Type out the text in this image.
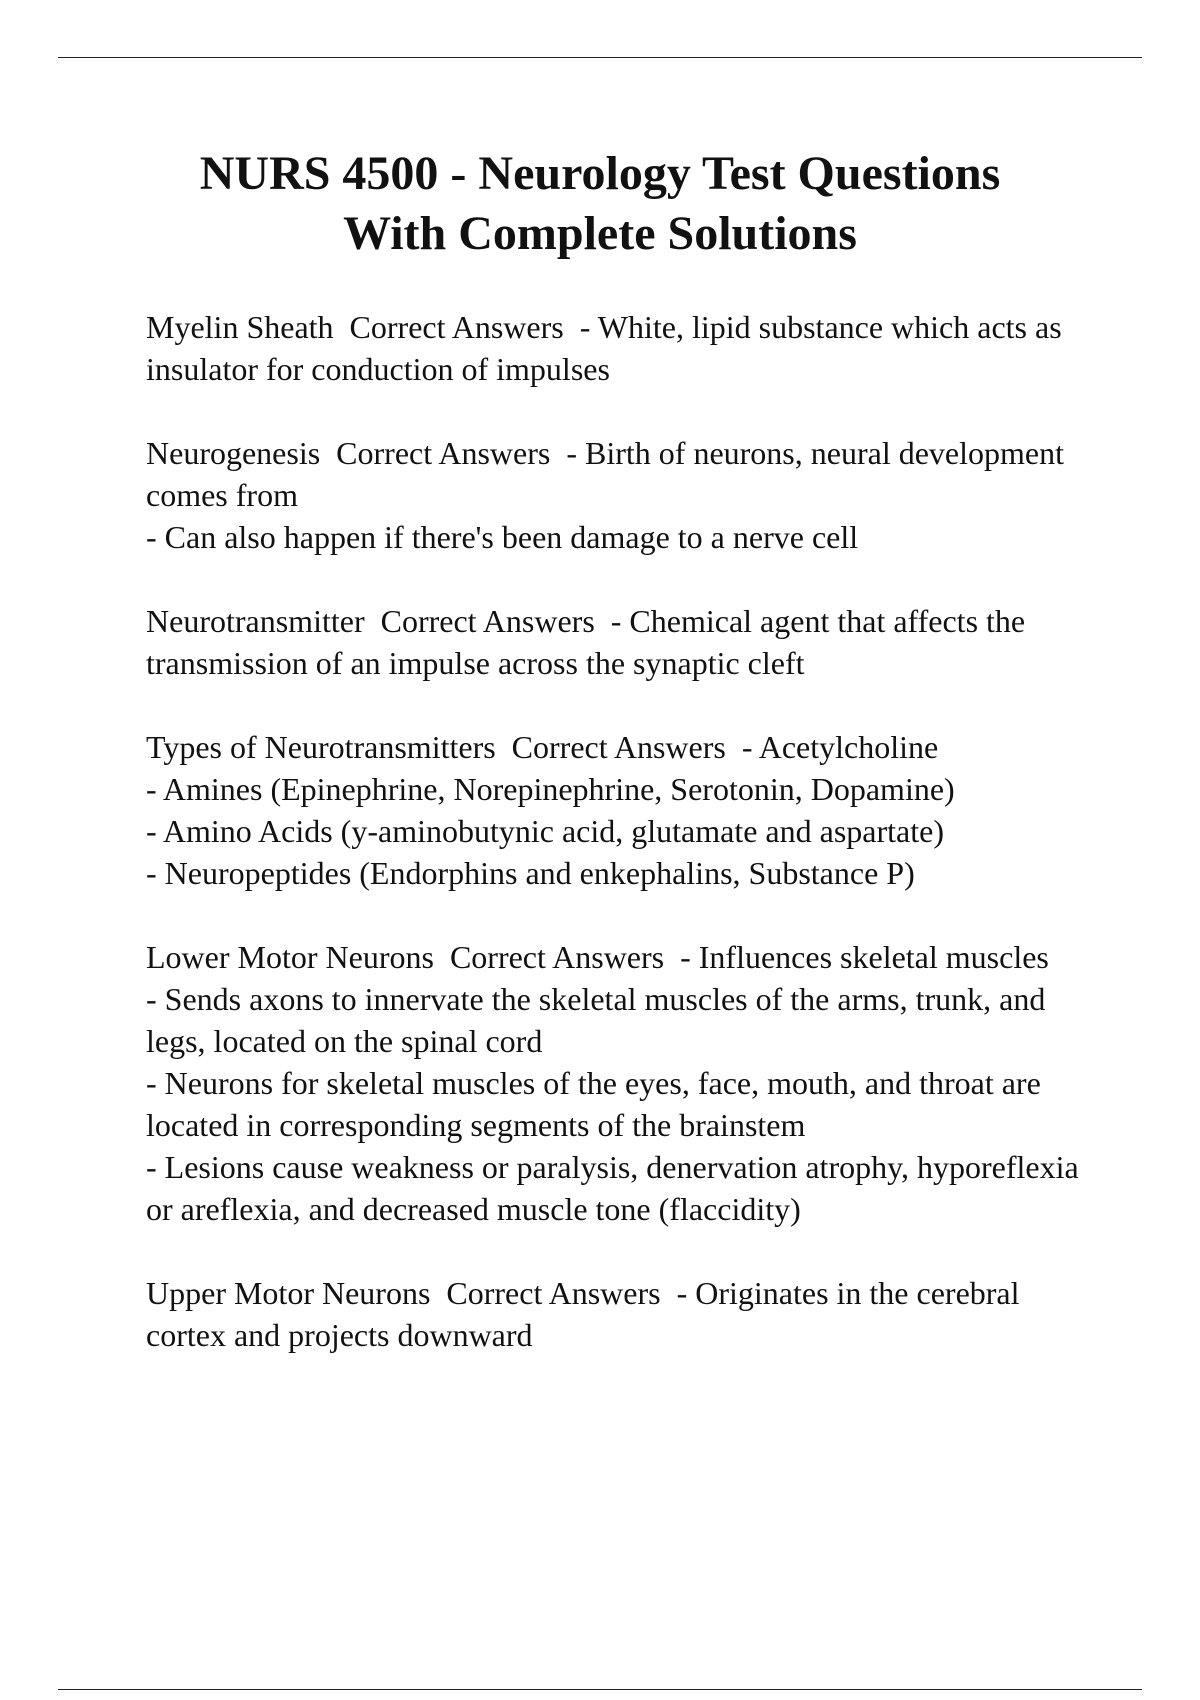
NURS 4500 - Neurology Test Questions
With Complete Solutions

Myelin Sheath  Correct Answers  - White, lipid substance which acts as insulator for conduction of impulses

Neurogenesis  Correct Answers  - Birth of neurons, neural development comes from

- Can also happen if there's been damage to a nerve cell

Neurotransmitter  Correct Answers  - Chemical agent that affects the transmission of an impulse across the synaptic cleft

Types of Neurotransmitters  Correct Answers  - Acetylcholine

- Amines (Epinephrine, Norepinephrine, Serotonin, Dopamine)

- Amino Acids (y-aminobutynic acid, glutamate and aspartate)

- Neuropeptides (Endorphins and enkephalins, Substance P)

Lower Motor Neurons  Correct Answers  - Influences skeletal muscles

- Sends axons to innervate the skeletal muscles of the arms, trunk, and legs, located on the spinal cord

- Neurons for skeletal muscles of the eyes, face, mouth, and throat are located in corresponding segments of the brainstem

- Lesions cause weakness or paralysis, denervation atrophy, hyporeflexia or areflexia, and decreased muscle tone (flaccidity)

Upper Motor Neurons  Correct Answers  - Originates in the cerebral cortex and projects downward
